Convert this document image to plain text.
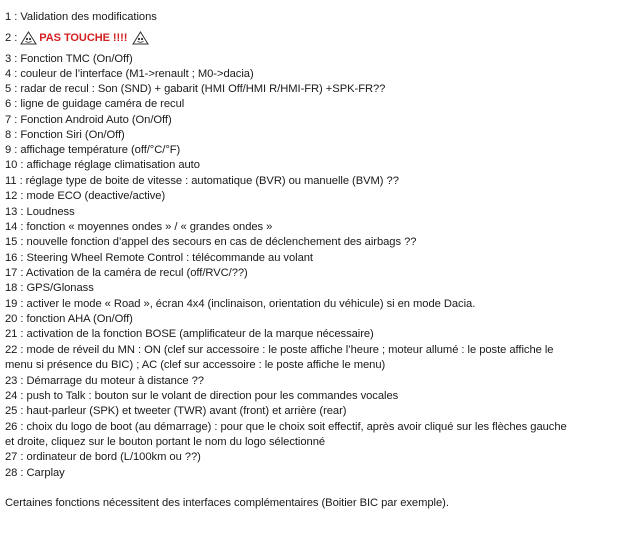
1 : Validation des modifications
2 : PAS TOUCHE !!!!
3 : Fonction TMC (On/Off)
4 : couleur de l’interface (M1->renault ; M0->dacia)
5 : radar de recul : Son (SND) + gabarit (HMI Off/HMI R/HMI-FR) +SPK-FR??
6 : ligne de guidage caméra de recul
7 : Fonction Android Auto (On/Off)
8 : Fonction Siri (On/Off)
9 : affichage température (off/°C/°F)
10 : affichage réglage climatisation auto
11 : réglage type de boite de vitesse : automatique (BVR) ou manuelle (BVM) ??
12 : mode ECO (deactive/active)
13 : Loudness
14 : fonction « moyennes ondes » / « grandes ondes »
15 : nouvelle fonction d’appel des secours en cas de déclenchement des airbags ??
16 : Steering Wheel Remote Control : télécommande au volant
17 : Activation de la caméra de recul (off/RVC/??)
18 : GPS/Glonass
19 : activer le mode « Road », écran 4x4 (inclinaison, orientation du véhicule) si en mode Dacia.
20 : fonction AHA (On/Off)
21 : activation de la fonction BOSE (amplificateur de la marque nécessaire)
22 : mode de réveil du MN : ON (clef sur accessoire : le poste affiche l’heure ; moteur allumé : le poste affiche le
menu si présence du BIC) ; AC (clef sur accessoire : le poste affiche le menu)
23 : Démarrage du moteur à distance ??
24 : push to Talk : bouton sur le volant de direction pour les commandes vocales
25 : haut-parleur (SPK) et tweeter (TWR) avant (front) et arrière (rear)
26 : choix du logo de boot (au démarrage) : pour que le choix soit effectif, après avoir cliqué sur les flèches gauche
et droite, cliquez sur le bouton portant le nom du logo sélectionné
27 : ordinateur de bord (L/100km ou ??)
28 : Carplay
Certaines fonctions nécessitent des interfaces complémentaires (Boitier BIC par exemple).
